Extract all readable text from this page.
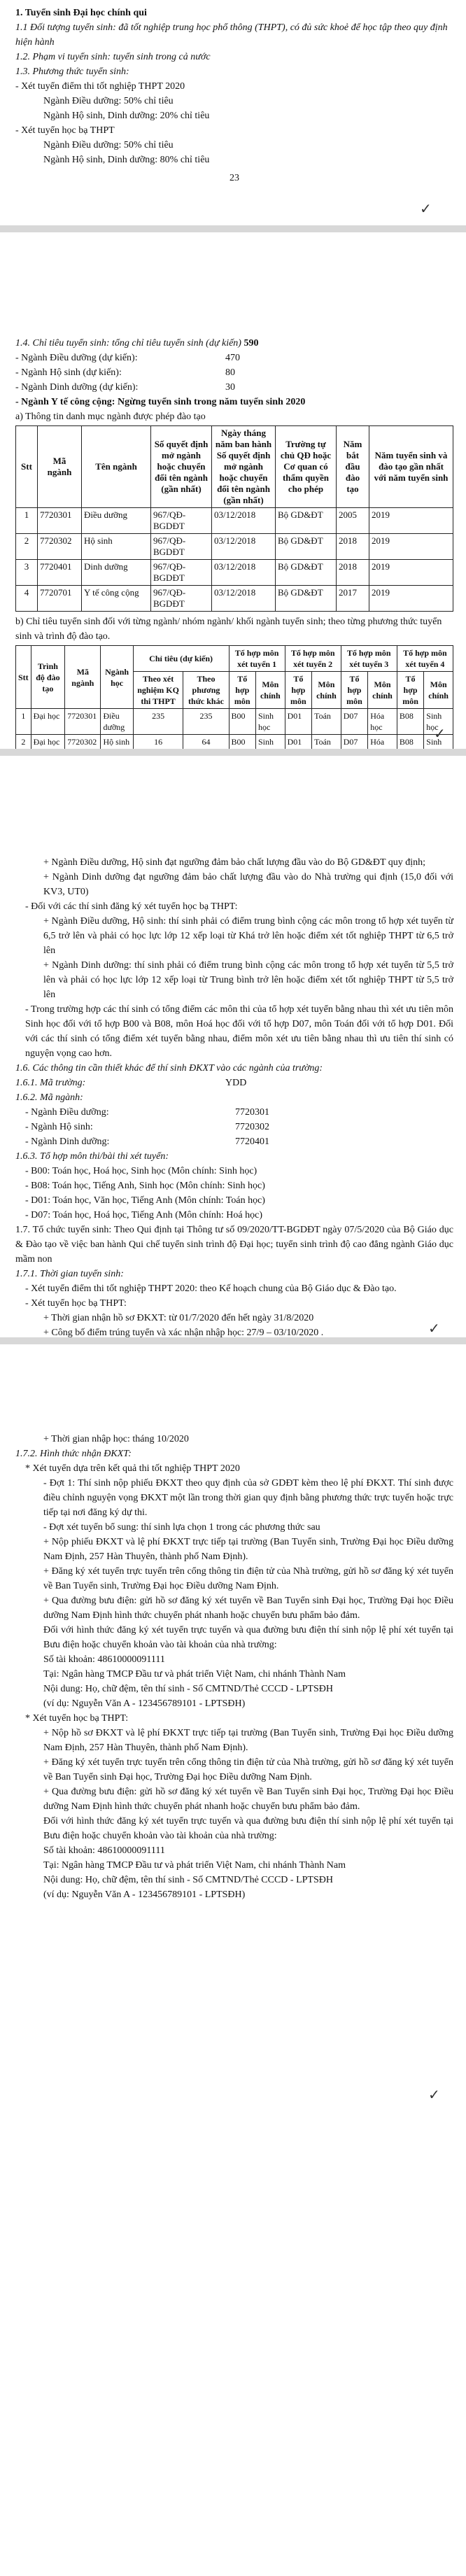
1. Tuyển sinh Đại học chính qui

1.1 Đối tượng tuyển sinh: đã tốt nghiệp trung học phổ thông (THPT), có đủ sức khoẻ để học tập theo quy định hiện hành

1.2. Phạm vi tuyển sinh: tuyển sinh trong cả nước

1.3. Phương thức tuyển sinh:

- Xét tuyển điểm thi tốt nghiệp THPT 2020

Ngành Điều dưỡng: 50% chỉ tiêu

Ngành Hộ sinh, Dinh dưỡng: 20% chỉ tiêu

- Xét tuyển học bạ THPT

Ngành Điều dưỡng: 50% chỉ tiêu

Ngành Hộ sinh, Dinh dưỡng: 80% chỉ tiêu

23
✓

1.4. Chỉ tiêu tuyển sinh: tổng chỉ tiêu tuyển sinh (dự kiến) 590

- Ngành Điều dưỡng (dự kiến):	470
- Ngành Hộ sinh (dự kiến):	80
- Ngành Dinh dưỡng (dự kiến):	30

- Ngành Y tế công cộng: Ngừng tuyển sinh trong năm tuyển sinh 2020

a) Thông tin danh mục ngành được phép đào tạo

Stt	Mã ngành	Tên ngành	Số quyết định mở ngành hoặc chuyển đổi tên ngành (gần nhất)	Ngày tháng năm ban hành Số quyết định mở ngành hoặc chuyển đổi tên ngành (gần nhất)	Trường tự chủ QĐ hoặc Cơ quan có thẩm quyền cho phép	Năm bắt đầu đào tạo	Năm tuyển sinh và đào tạo gần nhất với năm tuyển sinh
1	7720301	Điều dưỡng	967/QĐ-BGDĐT	03/12/2018	Bộ GD&ĐT	2005	2019
2	7720302	Hộ sinh	967/QĐ-BGDĐT	03/12/2018	Bộ GD&ĐT	2018	2019
3	7720401	Dinh dưỡng	967/QĐ-BGDĐT	03/12/2018	Bộ GD&ĐT	2018	2019
4	7720701	Y tế công cộng	967/QĐ-BGDĐT	03/12/2018	Bộ GD&ĐT	2017	2019

b) Chỉ tiêu tuyển sinh đối với từng ngành/ nhóm ngành/ khối ngành tuyển sinh; theo từng phương thức tuyển sinh và trình độ đào tạo.

Stt	Trình độ đào tạo	Mã ngành	Ngành học	Chỉ tiêu (dự kiến)		Tổ hợp môn xét tuyển 1		Tổ hợp môn xét tuyển 2		Tổ hợp môn xét tuyển 3		Tổ hợp môn xét tuyển 4	
				Theo xét nghiệm KQ thi THPT	Theo phương thức khác	Tổ hợp môn	Môn chính	Tổ hợp môn	Môn chính	Tổ hợp môn	Môn chính	Tổ hợp môn	Môn chính
1	Đại học	7720301	Điều dưỡng	235	235	B00	Sinh học	D01	Toán	D07	Hóa học	B08	Sinh học
2	Đại học	7720302	Hộ sinh	16	64	B00	Sinh	D01	Toán	D07	Hóa	B08	Sinh

✓

+ Ngành Điều dưỡng, Hộ sinh đạt ngưỡng đảm bảo chất lượng đầu vào do Bộ GD&ĐT quy định;

+ Ngành Dinh dưỡng đạt ngưỡng đảm bảo chất lượng đầu vào do Nhà trường qui định (15,0 đối với KV3, UT0)

- Đối với các thí sinh đăng ký xét tuyển học bạ THPT:

+ Ngành Điều dưỡng, Hộ sinh: thí sinh phải có điểm trung bình cộng các môn trong tổ hợp xét tuyển từ 6,5 trở lên và phải có học lực lớp 12 xếp loại từ Khá trở lên hoặc điểm xét tốt nghiệp THPT từ 6,5 trở lên

+ Ngành Dinh dưỡng: thí sinh phải có điểm trung bình cộng các môn trong tổ hợp xét tuyển từ 5,5 trở lên và phải có học lực lớp 12 xếp loại từ Trung bình trở lên hoặc điểm xét tốt nghiệp THPT từ 5,5 trở lên

- Trong trường hợp các thí sinh có tổng điểm các môn thi của tổ hợp xét tuyển bằng nhau thì xét ưu tiên môn Sinh học đối với tổ hợp B00 và B08, môn Hoá học đối với tổ hợp D07, môn Toán đối với tổ hợp D01. Đối với các thí sinh có tổng điểm xét tuyển bằng nhau, điểm môn xét ưu tiên bằng nhau thì ưu tiên thí sinh có nguyện vọng cao hơn.

1.6. Các thông tin cần thiết khác để thí sinh ĐKXT vào các ngành của trường:

1.6.1. Mã trường:	YDD

1.6.2. Mã ngành:

- Ngành Điều dưỡng:	7720301
- Ngành Hộ sinh:	7720302
- Ngành Dinh dưỡng:	7720401

1.6.3. Tổ hợp môn thi/bài thi xét tuyển:

- B00: Toán học, Hoá học, Sinh học (Môn chính: Sinh học)

- B08: Toán học, Tiếng Anh, Sinh học (Môn chính: Sinh học)

- D01: Toán học, Văn học, Tiếng Anh (Môn chính: Toán học)

- D07: Toán học, Hoá học, Tiếng Anh (Môn chính: Hoá học)

1.7. Tổ chức tuyển sinh: Theo Qui định tại Thông tư số 09/2020/TT-BGDĐT ngày 07/5/2020 của Bộ Giáo dục & Đào tạo về việc ban hành Qui chế tuyển sinh trình độ Đại học; tuyển sinh trình độ cao đẳng ngành Giáo dục mầm non

1.7.1. Thời gian tuyển sinh:

- Xét tuyển điểm thi tốt nghiệp THPT 2020: theo Kế hoạch chung của Bộ Giáo dục & Đào tạo.

- Xét tuyển học bạ THPT:

+ Thời gian nhận hồ sơ ĐKXT: từ 01/7/2020 đến hết ngày 31/8/2020

+ Công bố điểm trúng tuyển và xác nhận nhập học: 27/9 – 03/10/2020 .	✓

+ Thời gian nhập học: tháng 10/2020

1.7.2. Hình thức nhận ĐKXT:

* Xét tuyển dựa trên kết quả thi tốt nghiệp THPT 2020

- Đợt 1: Thí sinh nộp phiếu ĐKXT theo quy định của sở GDĐT kèm theo lệ phí ĐKXT. Thí sinh được điều chỉnh nguyện vọng ĐKXT một lần trong thời gian quy định bằng phương thức trực tuyến hoặc trực tiếp tại nơi đăng ký dự thi.

- Đợt xét tuyển bổ sung: thí sinh lựa chọn 1 trong các phương thức sau

+ Nộp phiếu ĐKXT và lệ phí ĐKXT trực tiếp tại trường (Ban Tuyển sinh, Trường Đại học Điều dưỡng Nam Định, 257 Hàn Thuyên, thành phố Nam Định).

+ Đăng ký xét tuyển trực tuyến trên cổng thông tin điện tử của Nhà trường, gửi hồ sơ đăng ký xét tuyển về Ban Tuyển sinh, Trường Đại học Điều dưỡng Nam Định.

+ Qua đường bưu điện: gửi hồ sơ đăng ký xét tuyển về Ban Tuyển sinh Đại học, Trường Đại học Điều dưỡng Nam Định hình thức chuyển phát nhanh hoặc chuyển bưu phẩm bảo đảm.

Đối với hình thức đăng ký xét tuyển trực tuyến và qua đường bưu điện thí sinh nộp lệ phí xét tuyển tại Bưu điện hoặc chuyển khoản vào tài khoản của nhà trường:

Số tài khoản: 48610000091111

Tại: Ngân hàng TMCP Đầu tư và phát triển Việt Nam, chi nhánh Thành Nam

Nội dung: Họ, chữ đệm, tên thí sinh - Số CMTND/Thẻ CCCD - LPTSĐH

(ví dụ: Nguyễn Văn A - 123456789101 - LPTSĐH)

* Xét tuyển học bạ THPT:

+ Nộp hồ sơ ĐKXT và lệ phí ĐKXT trực tiếp tại trường (Ban Tuyển sinh, Trường Đại học Điều dưỡng Nam Định, 257 Hàn Thuyên, thành phố Nam Định).

+ Đăng ký xét tuyển trực tuyến trên cổng thông tin điện tử của Nhà trường, gửi hồ sơ đăng ký xét tuyển về Ban Tuyển sinh Đại học, Trường Đại học Điều dưỡng Nam Định.

+ Qua đường bưu điện: gửi hồ sơ đăng ký xét tuyển về Ban Tuyển sinh Đại học, Trường Đại học Điều dưỡng Nam Định hình thức chuyển phát nhanh hoặc chuyển bưu phẩm bảo đảm.

Đối với hình thức đăng ký xét tuyển trực tuyến và qua đường bưu điện thí sinh nộp lệ phí xét tuyển tại Bưu điện hoặc chuyển khoản vào tài khoản của nhà trường:

Số tài khoản: 48610000091111

Tại: Ngân hàng TMCP Đầu tư và phát triển Việt Nam, chi nhánh Thành Nam

Nội dung: Họ, chữ đệm, tên thí sinh - Số CMTND/Thẻ CCCD - LPTSĐH

(ví dụ: Nguyễn Văn A - 123456789101 - LPTSĐH)

✓
